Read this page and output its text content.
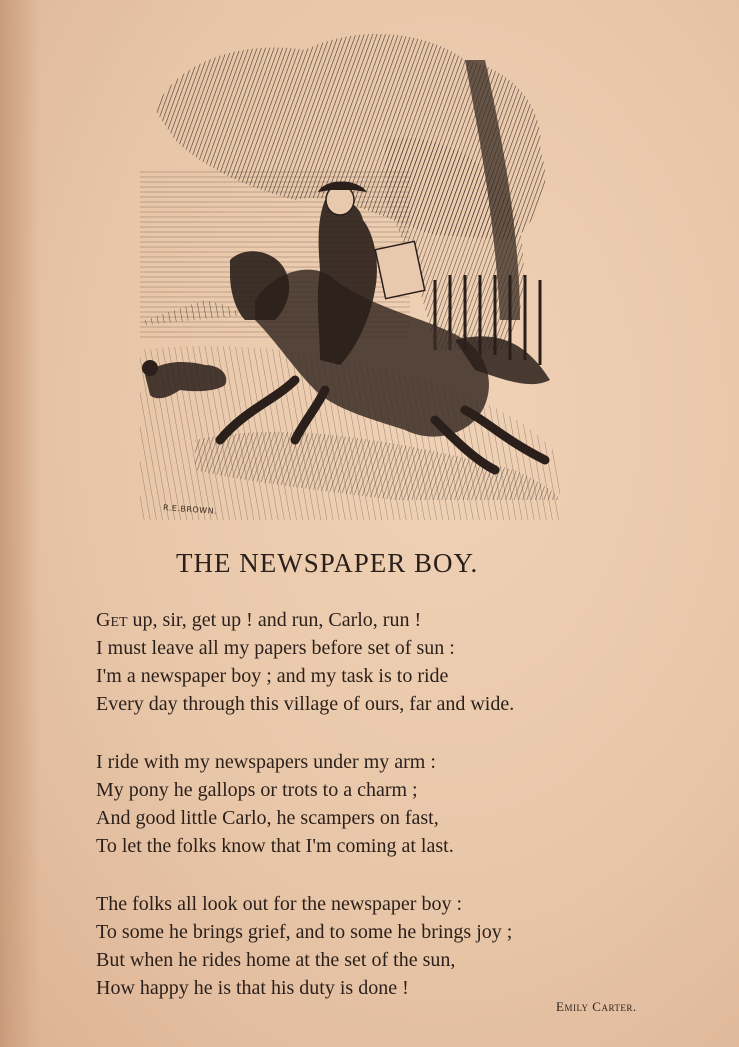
R.E.BROWN.
THE NEWSPAPER BOY.
Get up, sir, get up ! and run, Carlo, run !
I must leave all my papers before set of sun :
I'm a newspaper boy ; and my task is to ride
Every day through this village of ours, far and wide.
I ride with my newspapers under my arm :
My pony he gallops or trots to a charm ;
And good little Carlo, he scampers on fast,
To let the folks know that I'm coming at last.
The folks all look out for the newspaper boy :
To some he brings grief, and to some he brings joy ;
But when he rides home at the set of the sun,
How happy he is that his duty is done !
Emily Carter.
